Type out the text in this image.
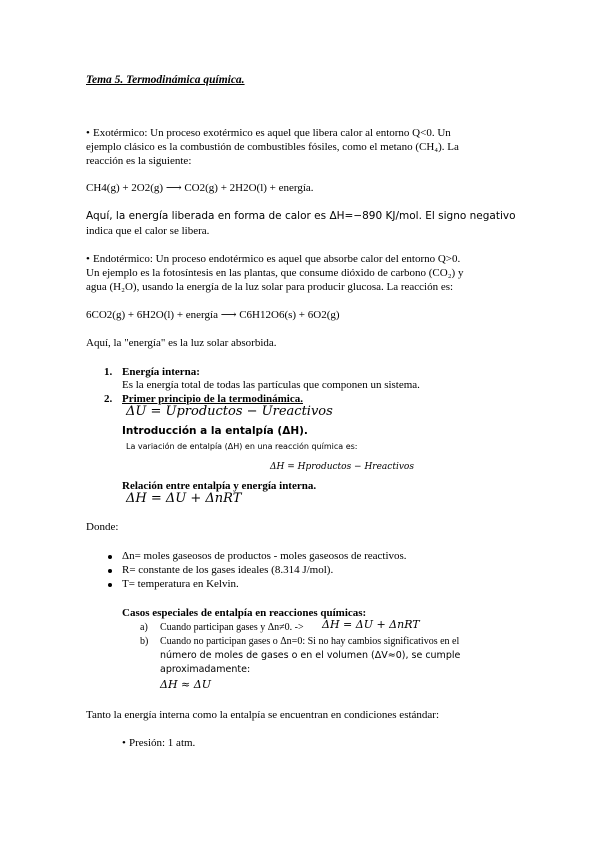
Tema 5. Termodinámica química.
• Exotérmico: Un proceso exotérmico es aquel que libera calor al entorno Q<0. Un
ejemplo clásico es la combustión de combustibles fósiles, como el metano (CH₄). La
reacción es la siguiente:
CH4(g) + 2O2(g) ⟶ CO2(g) + 2H2O(l) + energía.
Aquí, la energía liberada en forma de calor es ΔH=−890 KJ/mol. El signo negativo
indica que el calor se libera.
• Endotérmico: Un proceso endotérmico es aquel que absorbe calor del entorno Q>0.
Un ejemplo es la fotosíntesis en las plantas, que consume dióxido de carbono (CO₂) y
agua (H₂O), usando la energía de la luz solar para producir glucosa. La reacción es:
6CO2(g) + 6H2O(l) + energía ⟶ C6H12O6(s) + 6O2(g)
Aquí, la "energía" es la luz solar absorbida.
1. Energía interna:
Es la energía total de todas las partículas que componen un sistema.
2. Primer principio de la termodinámica.
ΔU = Uproductos − Ureactivos
Introducción a la entalpía (ΔH).
La variación de entalpía (ΔH) en una reacción química es:
ΔH = Hproductos − Hreactivos
Relación entre entalpía y energía interna.
ΔH = ΔU + ΔnRT
Donde:
Δn= moles gaseosos de productos - moles gaseosos de reactivos.
R= constante de los gases ideales (8.314 J/mol).
T= temperatura en Kelvin.
Casos especiales de entalpía en reacciones químicas:
a) Cuando participan gases y Δn≠0. -> ΔH = ΔU + ΔnRT
b) Cuando no participan gases o Δn=0: Si no hay cambios significativos en el
número de moles de gases o en el volumen (ΔV≈0), se cumple
aproximadamente:
ΔH ≈ ΔU
Tanto la energía interna como la entalpía se encuentran en condiciones estándar:
• Presión: 1 atm.
